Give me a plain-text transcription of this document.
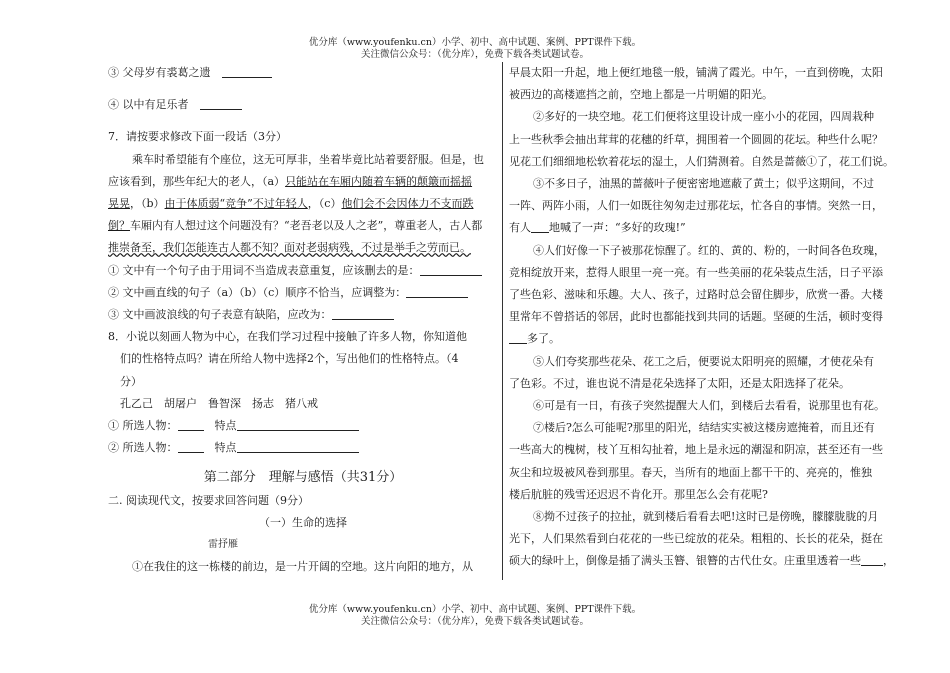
优分库（www.youfenku.cn）小学、初中、高中试题、案例、PPT课件下载。
关注微信公众号：（优分库），免费下载各类试题试卷。

③ 父母岁有裘葛之遗　

④ 以中有足乐者　

7．请按要求修改下面一段话（3分）

乘车时希望能有个座位，这无可厚非，坐着毕竟比站着要舒服。但是，也

应该看到，那些年纪大的老人，（a）只能站在车厢内随着车辆的颠簸而摇摇

晃晃，（b）由于体质弱“竞争”不过年轻人，（c）他们会不会因体力不支而跌

倒？车厢内有人想过这个问题没有？“老吾老以及人之老”，尊重老人，古人都

推崇备至，我们怎能连古人都不知？面对老弱病残，不过是举手之劳而已。

① 文中有一个句子由于用词不当造成表意重复，应该删去的是：

② 文中画直线的句子（a）（b）（c）顺序不恰当，应调整为：

③ 文中画波浪线的句子表意有缺陷，应改为：

8．小说以刻画人物为中心，在我们学习过程中接触了许多人物，你知道他

们的性格特点吗？请在所给人物中选择2个，写出他们的性格特点。（4

分）

孔乙己　胡屠户　鲁智深　扬志　猪八戒

① 所选人物：　	特点

② 所选人物：　	特点

第二部分　理解与感悟（共31分）

二. 阅读现代文，按要求回答问题（9分）

（一）生命的选择

雷抒雁

①在我住的这一栋楼的前边，是一片开阔的空地。这片向阳的地方，从

早晨太阳一升起，地上便红地毯一般，铺满了霞光。中午，一直到傍晚，太阳

被西边的高楼遮挡之前，空地上都是一片明媚的阳光。

②多好的一块空地。花工们便将这里设计成一座小小的花园，四周栽种

上一些秋季会抽出茸茸的花穗的纤草，拥围着一个圆圆的花坛。种些什么呢？

见花工们细细地松软着花坛的湿土，人们猜测着。自然是蔷薇①了，花工们说。

③不多日子，油黑的蔷薇叶子便密密地遮蔽了黄土；似乎这期间，不过

一阵、两阵小雨，人们一如既往匆匆走过那花坛，忙各自的事情。突然一日，

有人 地喊了一声：“多好的玫瑰!”

④人们好像一下子被那花惊醒了。红的、黄的、粉的，一时间各色玫瑰，

竞相绽放开来，惹得人眼里一亮一亮。有一些美丽的花朵装点生活，日子平添

了些色彩、滋味和乐趣。大人、孩子，过路时总会留住脚步，欣赏一番。大楼

里常年不曾搭话的邻居，此时也都能找到共同的话题。坚硬的生活，顿时变得

多了。

⑤人们夸奖那些花朵、花工之后，便要说太阳明亮的照耀，才使花朵有

了色彩。不过，谁也说不清是花朵选择了太阳，还是太阳选择了花朵。

⑥可是有一日，有孩子突然提醒大人们，到楼后去看看，说那里也有花。

⑦楼后?怎么可能呢?那里的阳光，结结实实被这楼房遮掩着，而且还有

一些高大的槐树，枝丫互相勾扯着，地上是永远的潮湿和阴凉，甚至还有一些

灰尘和垃圾被风卷到那里。春天，当所有的地面上都干干的、亮亮的，惟独

楼后肮脏的残雪还迟迟不肯化开。那里怎么会有花呢?

⑧拗不过孩子的拉扯，就到楼后看看去吧!这时已是傍晚，朦朦胧胧的月

光下，人们果然看到白花花的一些已绽放的花朵。粗粗的、长长的花朵，挺在

硕大的绿叶上，倒像是插了满头玉簪、银簪的古代仕女。庄重里透着一些 ，

优分库（www.youfenku.cn）小学、初中、高中试题、案例、PPT课件下载。
关注微信公众号：（优分库），免费下载各类试题试卷。
